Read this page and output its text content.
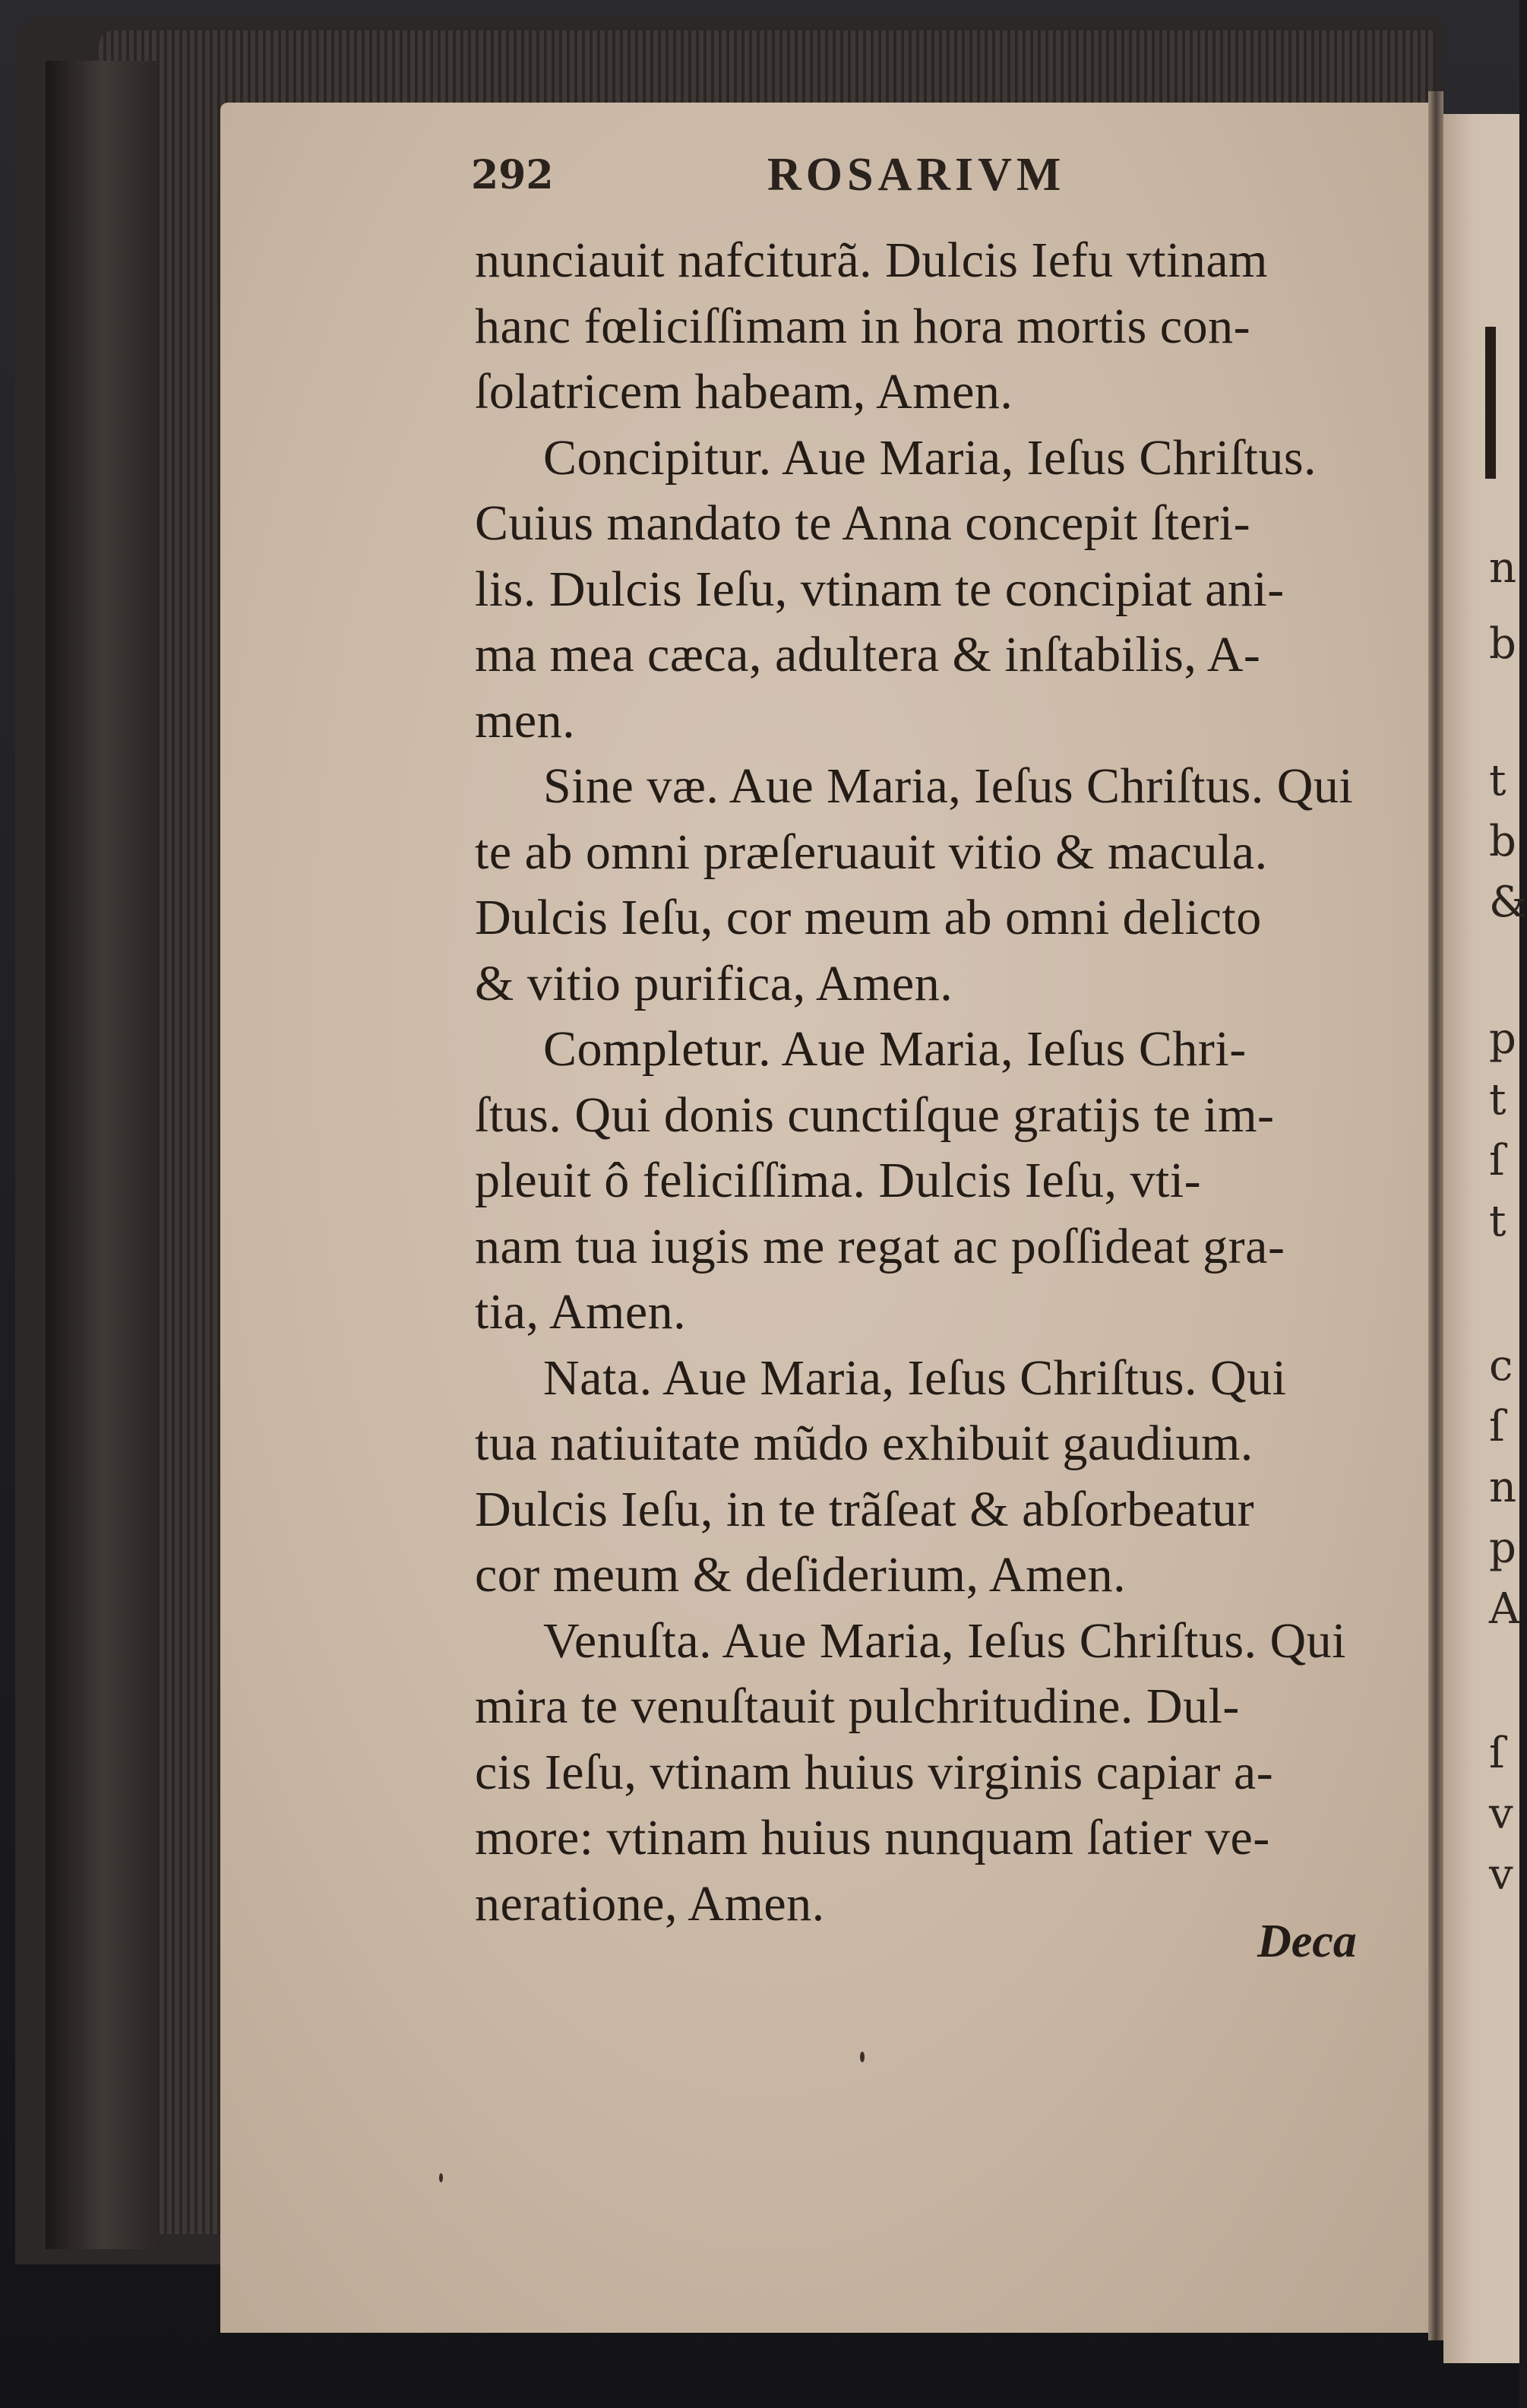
n
b
t
b
&
p
t
ſ
t
c
ſ
n
p
A
ſ
v
v
292	ROSARIVM
nunciauit nafciturã. Dulcis Iefu vtinam
hanc fœliciſſimam in hora mortis con-
ſolatricem habeam, Amen.
Concipitur. Aue Maria, Ieſus Chriſtus.
Cuius mandato te Anna concepit ſteri-
lis. Dulcis Ieſu, vtinam te concipiat ani-
ma mea cæca, adultera & inſtabilis, A-
men.
Sine væ. Aue Maria, Ieſus Chriſtus. Qui
te ab omni præſeruauit vitio & macula.
Dulcis Ieſu, cor meum ab omni delicto
& vitio purifica, Amen.
Completur. Aue Maria, Ieſus Chri-
ſtus. Qui donis cunctiſque gratijs te im-
pleuit ô feliciſſima. Dulcis Ieſu, vti-
nam tua iugis me regat ac poſſideat gra-
tia, Amen.
Nata. Aue Maria, Ieſus Chriſtus. Qui
tua natiuitate mũdo exhibuit gaudium.
Dulcis Ieſu, in te trãſeat & abſorbeatur
cor meum & deſiderium, Amen.
Venuſta. Aue Maria, Ieſus Chriſtus. Qui
mira te venuſtauit pulchritudine. Dul-
cis Ieſu, vtinam huius virginis capiar a-
more: vtinam huius nunquam ſatier ve-
neratione, Amen.
Deca
